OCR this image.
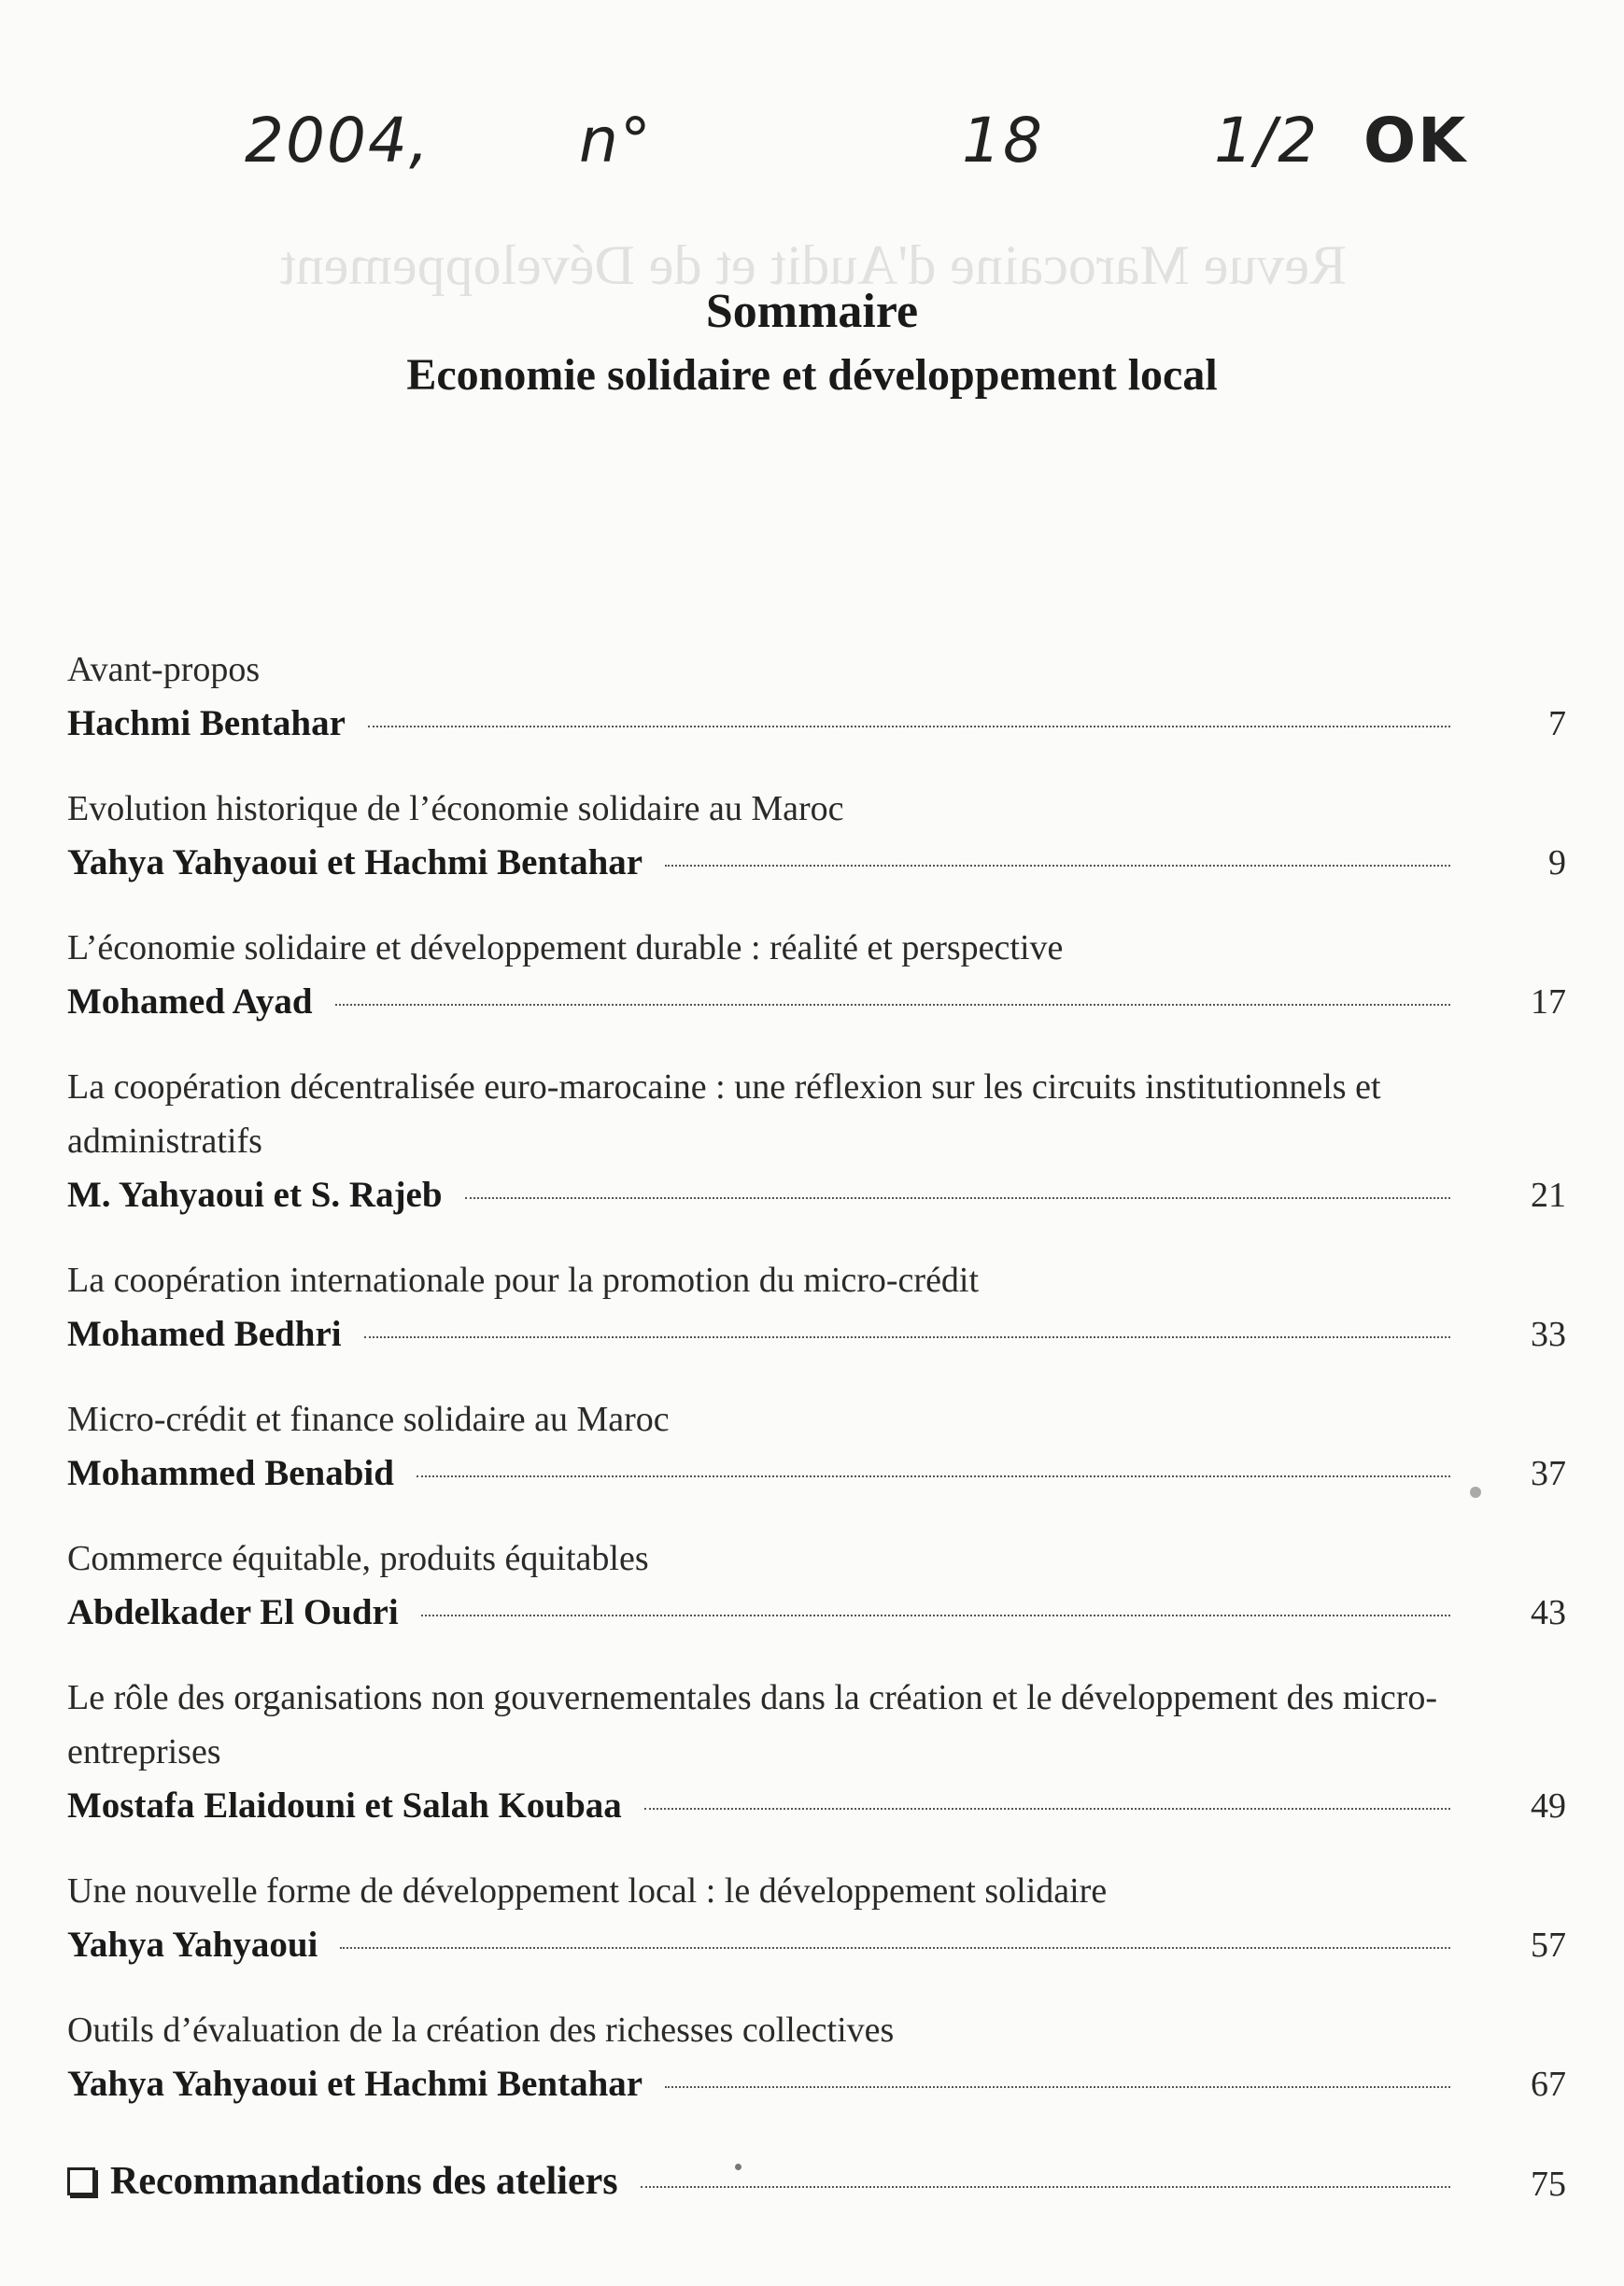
2004, n°	18	1/2 OK
Revue Marocaine d'Audit et de Développement
Sommaire
Economie solidaire et développement local
Avant-propos
Hachmi Bentahar	7
Evolution historique de l’économie solidaire au Maroc
Yahya Yahyaoui et Hachmi Bentahar	9
L’économie solidaire et développement durable : réalité et perspective
Mohamed Ayad	17
La coopération décentralisée euro-marocaine : une réflexion sur les circuits institutionnels et administratifs
M. Yahyaoui et S. Rajeb	21
La coopération internationale pour la promotion du micro-crédit
Mohamed Bedhri	33
Micro-crédit et finance solidaire au Maroc
Mohammed Benabid	37
Commerce équitable, produits équitables
Abdelkader El Oudri	43
Le rôle des organisations non gouvernementales dans la création et le développement des micro-entreprises
Mostafa Elaidouni et Salah Koubaa	49
Une nouvelle forme de développement local : le développement solidaire
Yahya Yahyaoui	57
Outils d’évaluation de la création des richesses collectives
Yahya Yahyaoui et Hachmi Bentahar	67
Recommandations des ateliers	75
